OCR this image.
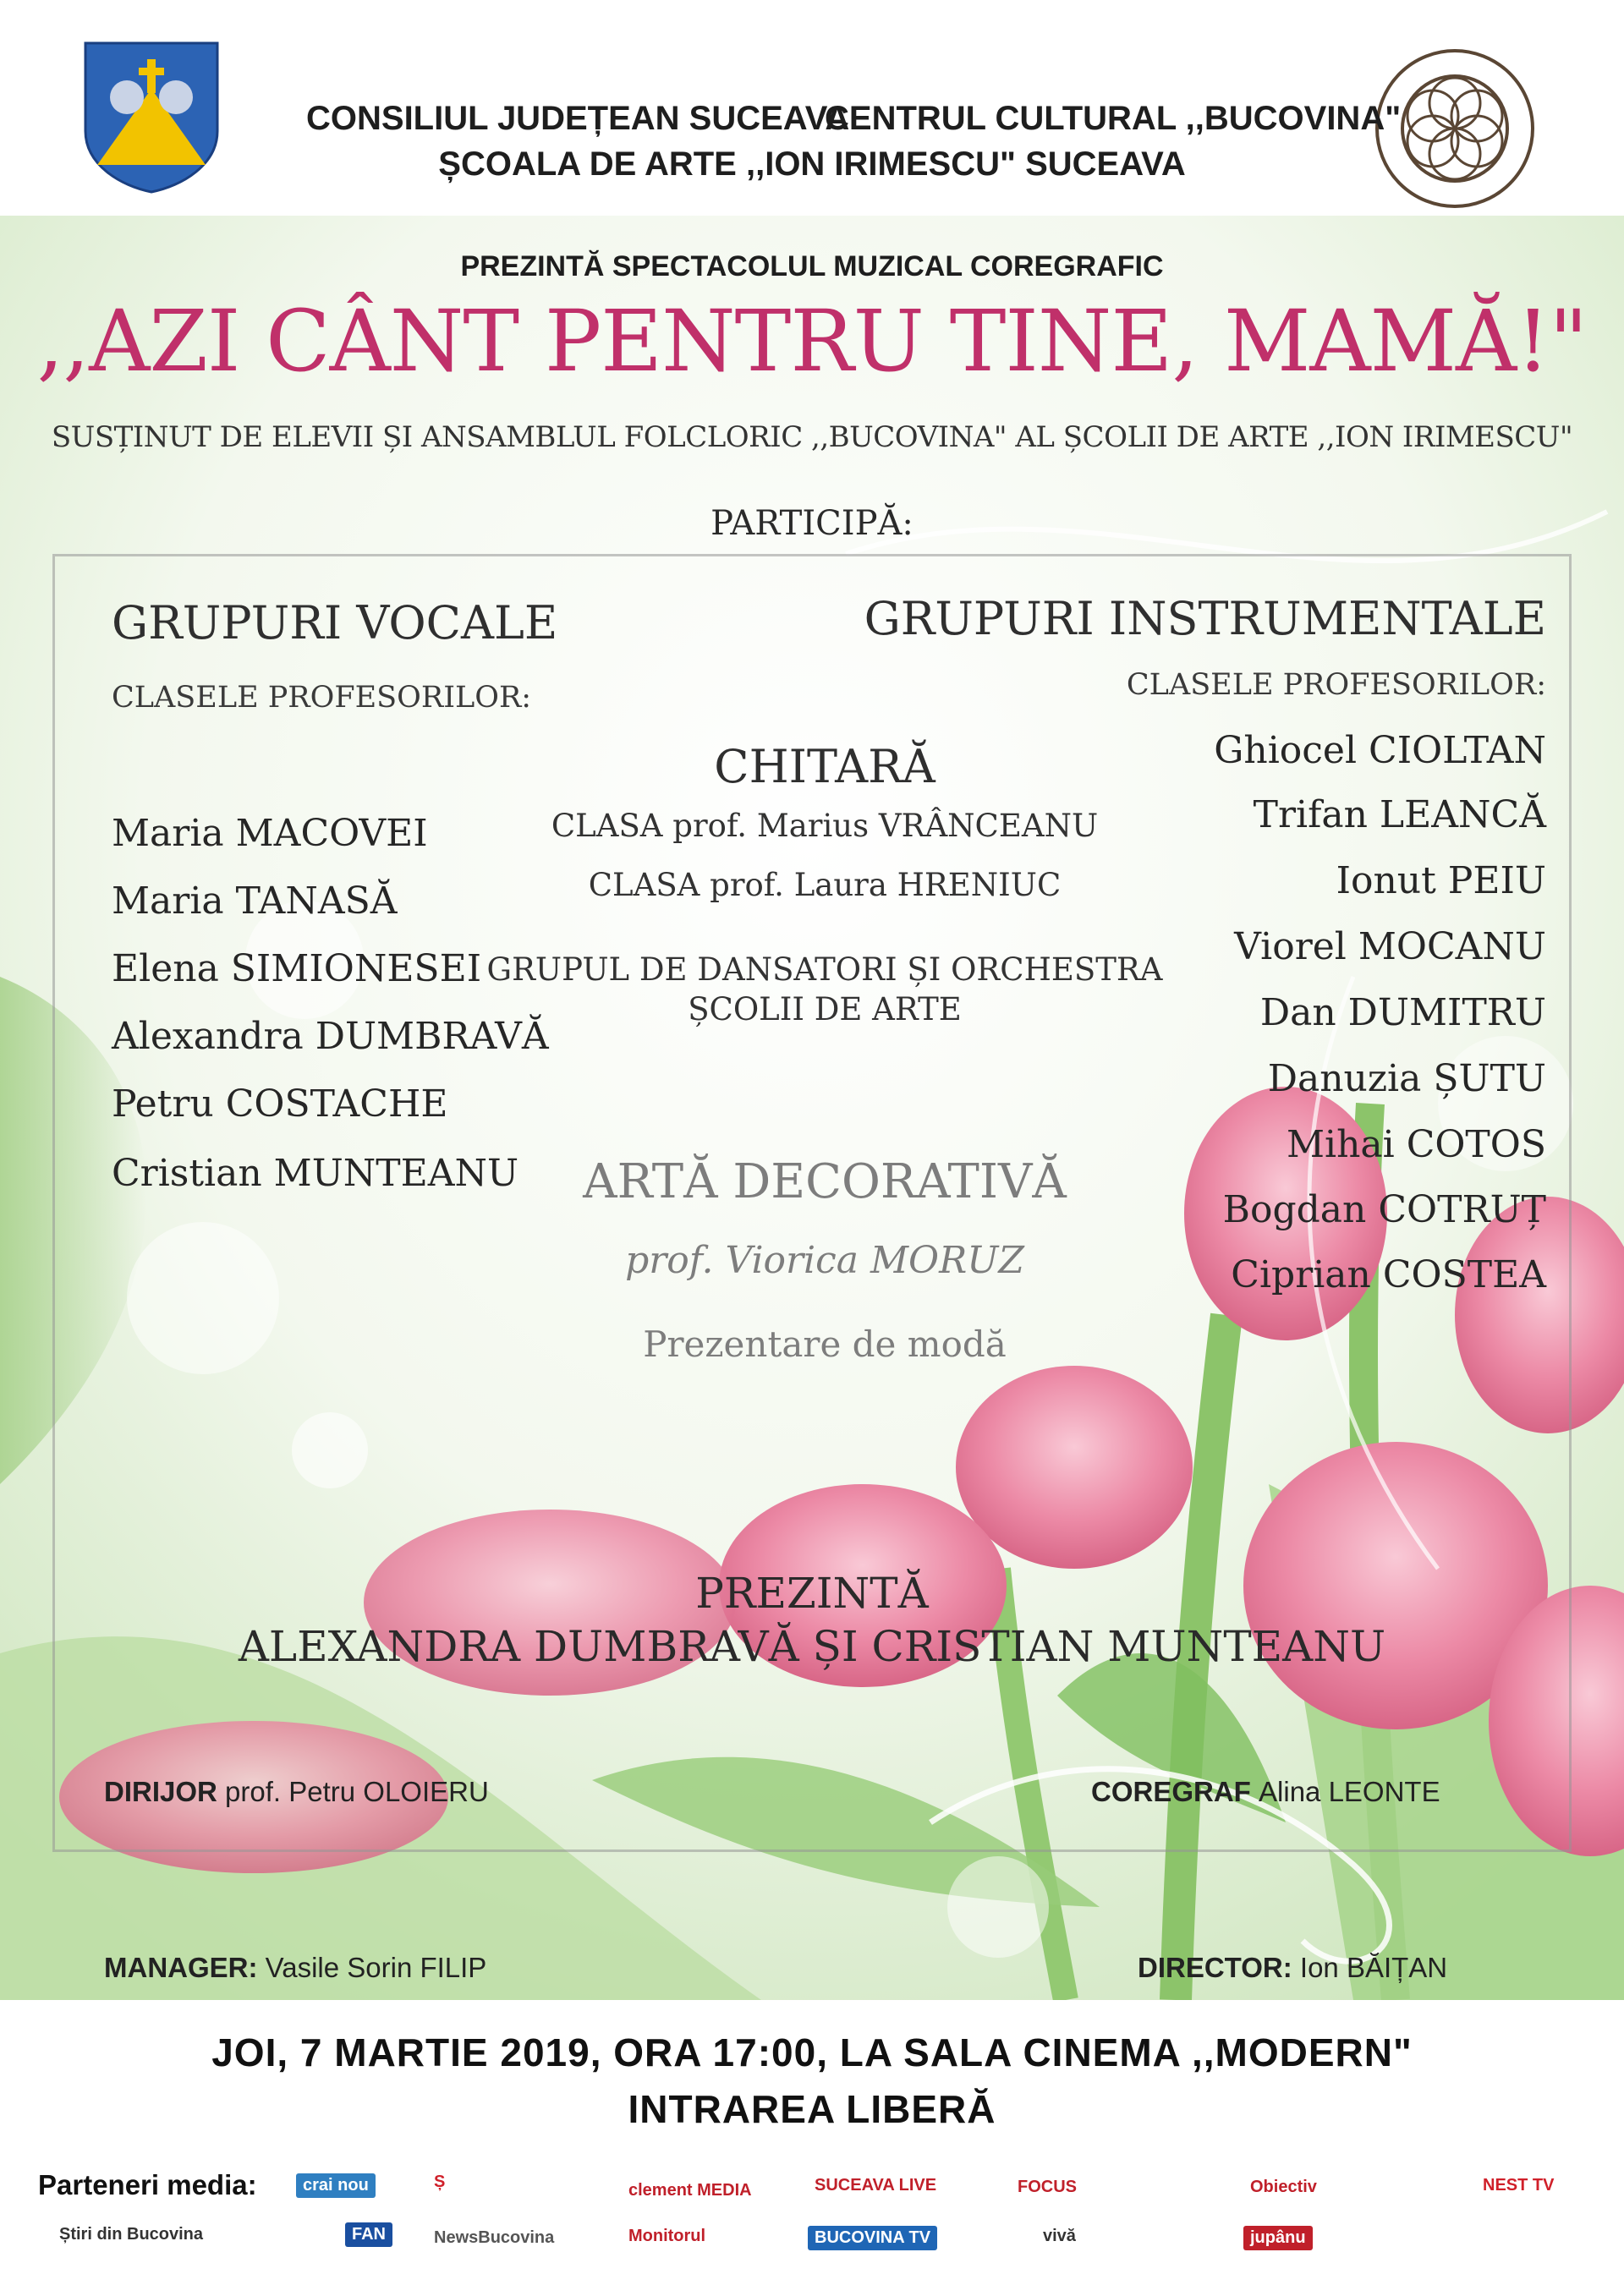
CONSILIUL JUDEȚEAN SUCEAVA
CENTRUL CULTURAL ,,BUCOVINA"
ȘCOALA DE ARTE ,,ION IRIMESCU" SUCEAVA
PREZINTĂ SPECTACOLUL MUZICAL COREGRAFIC
,,AZI CÂNT PENTRU TINE, MAMĂ!"
SUSȚINUT DE ELEVII ȘI ANSAMBLUL FOLCLORIC ,,BUCOVINA" AL ȘCOLII DE ARTE ,,ION IRIMESCU"
PARTICIPĂ:
GRUPURI VOCALE
CLASELE PROFESORILOR:
Maria MACOVEI
Maria TANASĂ
Elena SIMIONESEI
Alexandra DUMBRAVĂ
Petru COSTACHE
Cristian MUNTEANU
CHITARĂ
CLASA prof. Marius VRÂNCEANU
CLASA prof. Laura HRENIUC
GRUPUL DE DANSATORI ȘI ORCHESTRA
ȘCOLII DE ARTE
ARTĂ DECORATIVĂ
prof. Viorica MORUZ
Prezentare de modă
GRUPURI INSTRUMENTALE
CLASELE PROFESORILOR:
Ghiocel CIOLTAN
Trifan LEANCĂ
Ionut PEIU
Viorel MOCANU
Dan DUMITRU
Danuzia ȘUTU
Mihai COTOS
Bogdan COTRUȚ
Ciprian COSTEA
PREZINTĂ
ALEXANDRA DUMBRAVĂ ȘI CRISTIAN MUNTEANU
DIRIJOR prof. Petru OLOIERU	COREGRAF Alina LEONTE
MANAGER: Vasile Sorin FILIP	DIRECTOR: Ion BĂIȚAN
JOI, 7 MARTIE 2019, ORA 17:00, LA SALA CINEMA ,,MODERN"
INTRAREA LIBERĂ
Parteneri media:	crai nou	Ș	clement MEDIA	SUCEAVA LIVE	FOCUS	Obiectiv	NEST TV
Știri din Bucovina	FAN	NewsBucovina	Monitorul	BUCOVINA TV	vivă	jupânu
